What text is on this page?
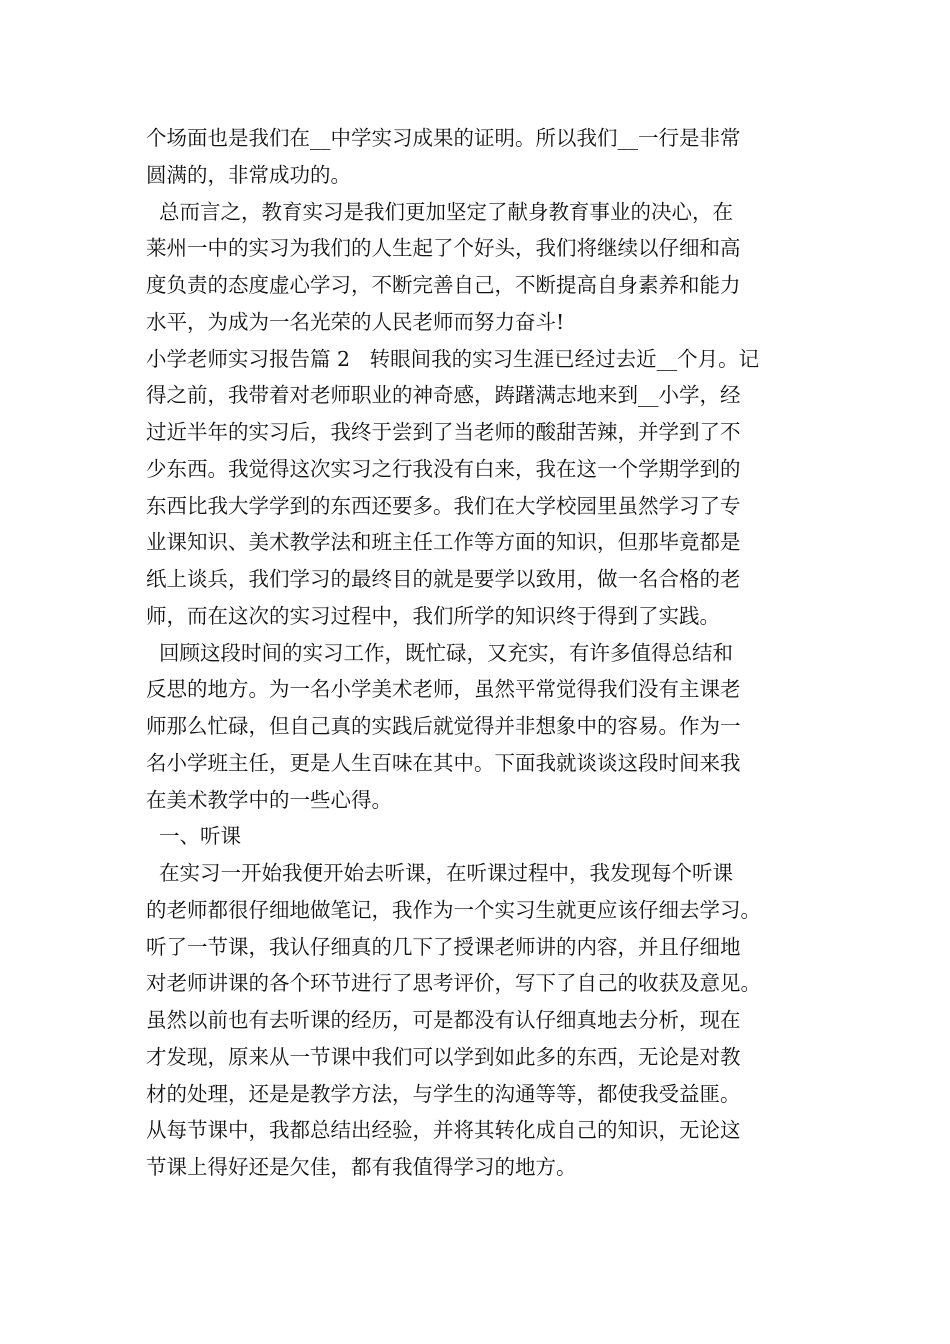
个场面也是我们在__中学实习成果的证明。所以我们__一行是非常
圆满的，非常成功的。
总而言之，教育实习是我们更加坚定了献身教育事业的决心，在
莱州一中的实习为我们的人生起了个好头，我们将继续以仔细和高
度负责的态度虚心学习，不断完善自己，不断提高自身素养和能力
水平，为成为一名光荣的人民老师而努力奋斗!
小学老师实习报告篇 2   转眼间我的实习生涯已经过去近__个月。记
得之前，我带着对老师职业的神奇感，踌躇满志地来到__小学，经
过近半年的实习后，我终于尝到了当老师的酸甜苦辣，并学到了不
少东西。我觉得这次实习之行我没有白来，我在这一个学期学到的
东西比我大学学到的东西还要多。我们在大学校园里虽然学习了专
业课知识、美术教学法和班主任工作等方面的知识，但那毕竟都是
纸上谈兵，我们学习的最终目的就是要学以致用，做一名合格的老
师，而在这次的实习过程中，我们所学的知识终于得到了实践。
回顾这段时间的实习工作，既忙碌，又充实，有许多值得总结和
反思的地方。为一名小学美术老师，虽然平常觉得我们没有主课老
师那么忙碌，但自己真的实践后就觉得并非想象中的容易。作为一
名小学班主任，更是人生百味在其中。下面我就谈谈这段时间来我
在美术教学中的一些心得。
一、听课
在实习一开始我便开始去听课，在听课过程中，我发现每个听课
的老师都很仔细地做笔记，我作为一个实习生就更应该仔细去学习。
听了一节课，我认仔细真的几下了授课老师讲的内容，并且仔细地
对老师讲课的各个环节进行了思考评价，写下了自己的收获及意见。
虽然以前也有去听课的经历，可是都没有认仔细真地去分析，现在
才发现，原来从一节课中我们可以学到如此多的东西，无论是对教
材的处理，还是是教学方法，与学生的沟通等等，都使我受益匪。
从每节课中，我都总结出经验，并将其转化成自己的知识，无论这
节课上得好还是欠佳，都有我值得学习的地方。
